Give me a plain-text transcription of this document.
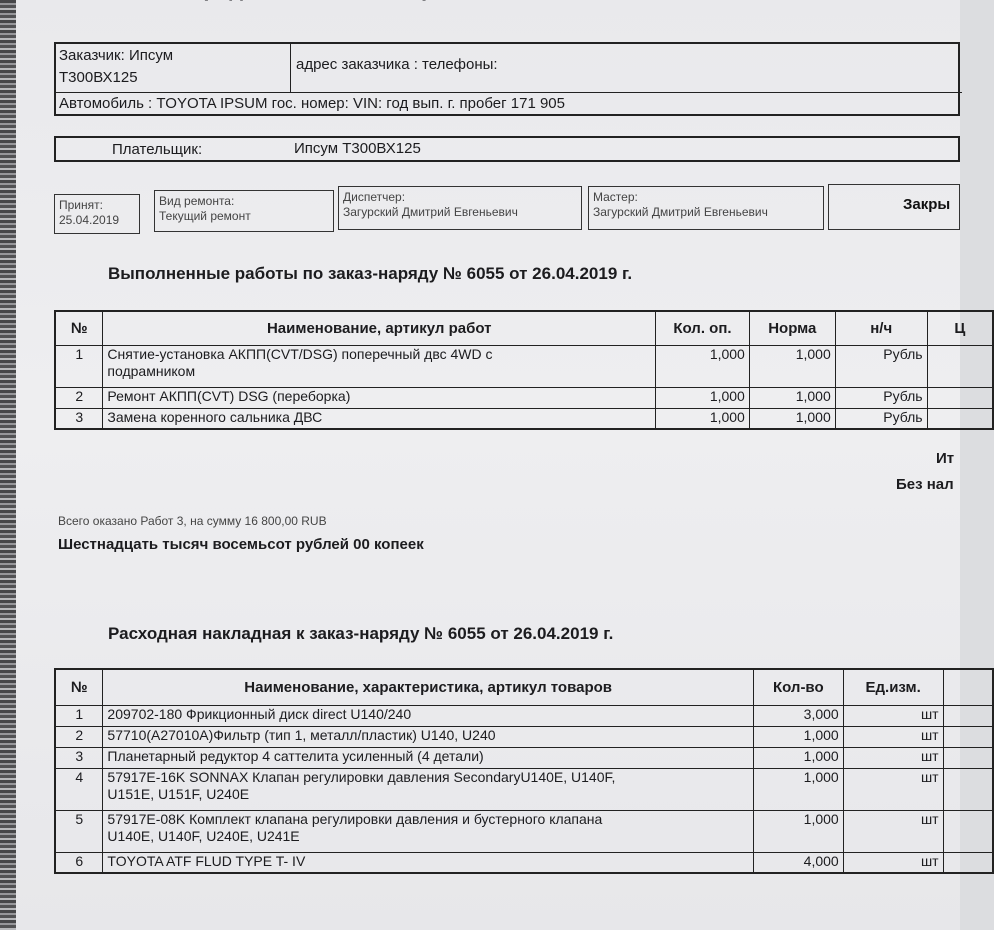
Заказчик: Ипсум
Т300ВХ125
адрес заказчика : телефоны:
Автомобиль : TOYOTA IPSUM гос. номер: VIN: год вып. г. пробег 171 905
Плательщик:	Ипсум Т300ВХ125
Принят:
25.04.2019
Вид ремонта:
Текущий ремонт
Диспетчер:
Загурский Дмитрий Евгеньевич
Мастер:
Загурский Дмитрий Евгеньевич	Закры
Выполненные работы по заказ-наряду № 6055 от 26.04.2019 г.
№	Наименование, артикул работ	Кол. оп.	Норма	н/ч	Ц
1	Снятие-установка АКПП(CVT/DSG) поперечный двс 4WD с
подрамником	1,000	1,000	Рубль	
2	Ремонт АКПП(CVT) DSG (переборка)	1,000	1,000	Рубль	
3	Замена коренного сальника ДВС	1,000	1,000	Рубль	
Ит
Без нал
Всего оказано Работ 3, на сумму 16 800,00 RUB
Шестнадцать тысяч восемьсот рублей 00 копеек
Расходная накладная к заказ-наряду № 6055 от 26.04.2019 г.
№	Наименование, характеристика, артикул товаров	Кол-во	Ед.изм.	
1	209702-180 Фрикционный диск direct U140/240	3,000	шт	
2	57710(А27010А)Фильтр (тип 1, металл/пластик) U140, U240	1,000	шт	
3	Планетарный редуктор 4 саттелита усиленный (4 детали)	1,000	шт	
4	57917E-16K SONNAX Клапан регулировки давления SecondaryU140E, U140F,
U151E, U151F, U240E	1,000	шт	
5	57917E-08K Комплект клапана регулировки давления и бустерного клапана
U140E, U140F, U240E, U241E	1,000	шт	
6	TOYOTA ATF FLUD TYPE T- IV	4,000	шт	
